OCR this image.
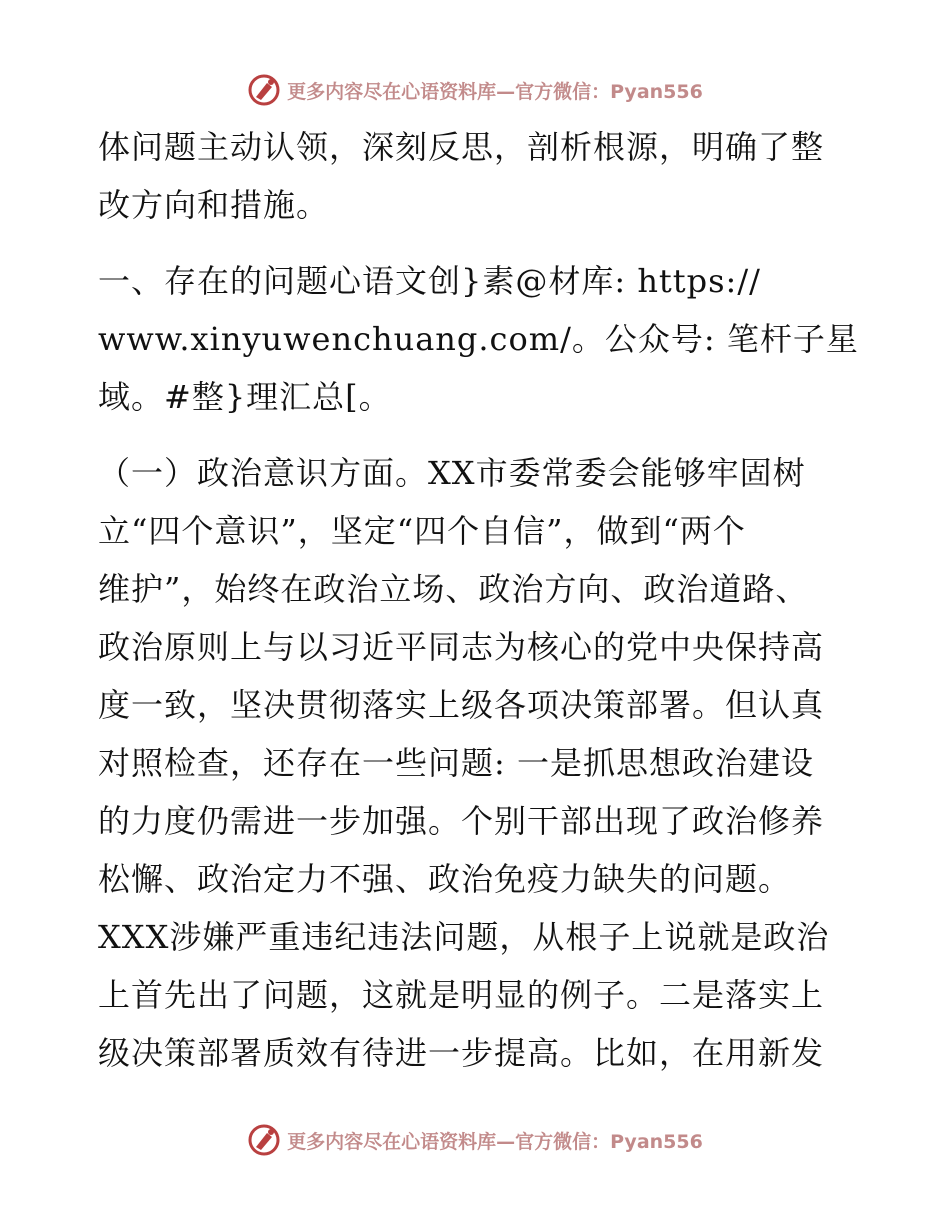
更多内容尽在心语资料库—官方微信：Pyan556

体问题主动认领，深刻反思，剖析根源，明确了整
改方向和措施。

一、存在的问题心语文创}素@材库: https://
www.xinyuwenchuang.com/。公众号: 笔杆子星
域。#整}理汇总[。

（一）政治意识方面。XX市委常委会能够牢固树
立“四个意识”，坚定“四个自信”，做到“两个
维护”，始终在政治立场、政治方向、政治道路、
政治原则上与以习近平同志为核心的党中央保持高
度一致，坚决贯彻落实上级各项决策部署。但认真
对照检查，还存在一些问题: 一是抓思想政治建设
的力度仍需进一步加强。个别干部出现了政治修养
松懈、政治定力不强、政治免疫力缺失的问题。
XXX涉嫌严重违纪违法问题，从根子上说就是政治
上首先出了问题，这就是明显的例子。二是落实上
级决策部署质效有待进一步提高。比如，在用新发

更多内容尽在心语资料库—官方微信：Pyan556
